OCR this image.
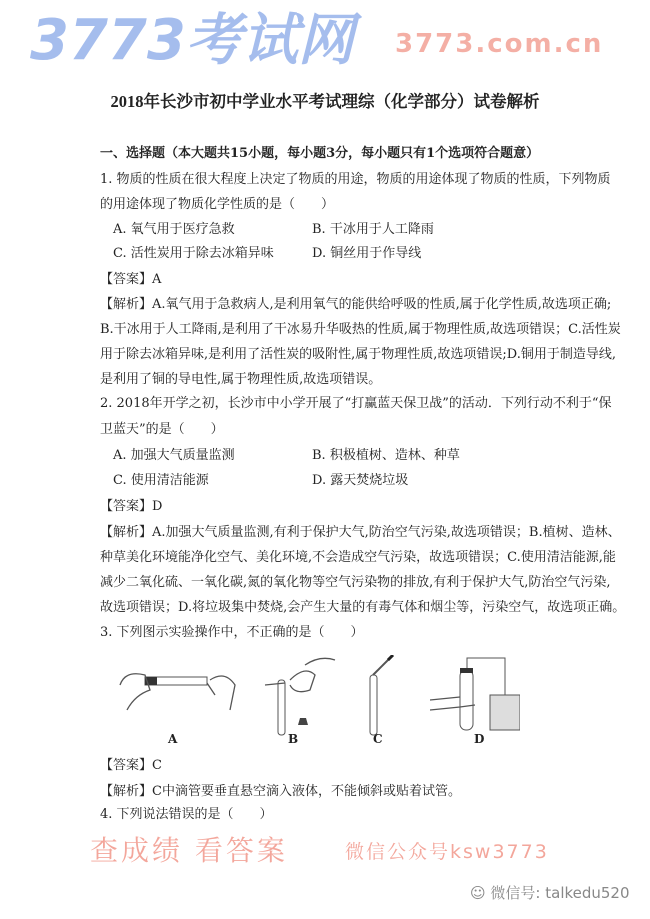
2018年长沙市初中学业水平考试理综（化学部分）试卷解析
一、选择题（本大题共15小题，每小题3分，每小题只有1个选项符合题意）
1. 物质的性质在很大程度上决定了物质的用途，物质的用途体现了物质的性质，下列物质
的用途体现了物质化学性质的是（　　）
A. 氧气用于医疗急救	B. 干冰用于人工降雨
C. 活性炭用于除去冰箱异味	D. 铜丝用于作导线
【答案】A
【解析】A.氧气用于急救病人,是利用氧气的能供给呼吸的性质,属于化学性质,故选项正确;
B.干冰用于人工降雨,是利用了干冰易升华吸热的性质,属于物理性质,故选项错误；C.活性炭
用于除去冰箱异味,是利用了活性炭的吸附性,属于物理性质,故选项错误;D.铜用于制造导线,
是利用了铜的导电性,属于物理性质,故选项错误。
2. 2018年开学之初，长沙市中小学开展了“打赢蓝天保卫战”的活动．下列行动不利于“保
卫蓝天”的是（　　）
A. 加强大气质量监测	B. 积极植树、造林、种草
C. 使用清洁能源	D. 露天焚烧垃圾
【答案】D
【解析】A.加强大气质量监测,有利于保护大气,防治空气污染,故选项错误；B.植树、造林、
种草美化环境能净化空气、美化环境,不会造成空气污染，故选项错误；C.使用清洁能源,能
减少二氧化硫、一氧化碳,氮的氧化物等空气污染物的排放,有利于保护大气,防治空气污染,
故选项错误；D.将垃圾集中焚烧,会产生大量的有毒气体和烟尘等，污染空气，故选项正确。
3. 下列图示实验操作中，不正确的是（　　）
A	B	C	D
【答案】C
【解析】C中滴管要垂直悬空滴入液体，不能倾斜或贴着试管。
4. 下列说法错误的是（　　）
3773考试网 3773.com.cn
查成绩 看答案	微信公众号ksw3773
☺ 微信号: talkedu520
